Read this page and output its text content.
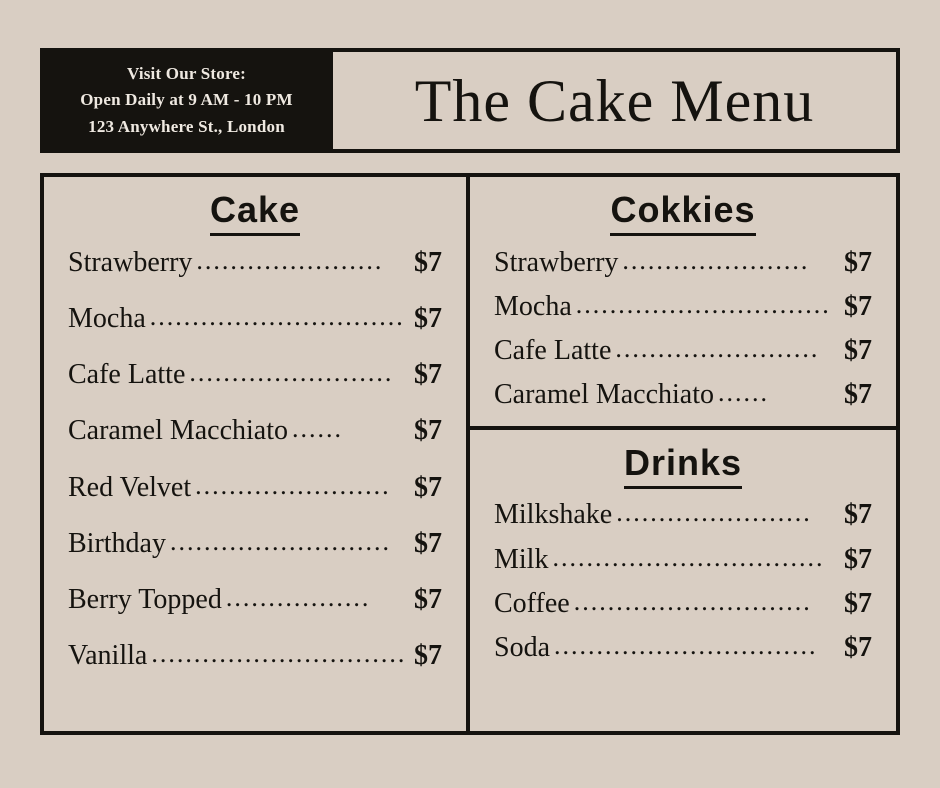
Visit Our Store:
Open Daily at 9 AM - 10 PM
123 Anywhere St., London The Cake Menu
Cake
Strawberry ......................	$7
Mocha .............................. $7
Cafe Latte ........................ $7
Caramel Macchiato ......	$7
Red Velvet ....................... $7
Birthday .......................... $7
Berry Topped .................	$7
Vanilla .............................. $7
Cokkies
Strawberry ......................	$7
Mocha .............................. $7
Cafe Latte ........................ $7
Caramel Macchiato ......	$7
Drinks
Milkshake .......................	$7
Milk ................................ $7
Coffee ............................	$7
Soda ............................... $7
